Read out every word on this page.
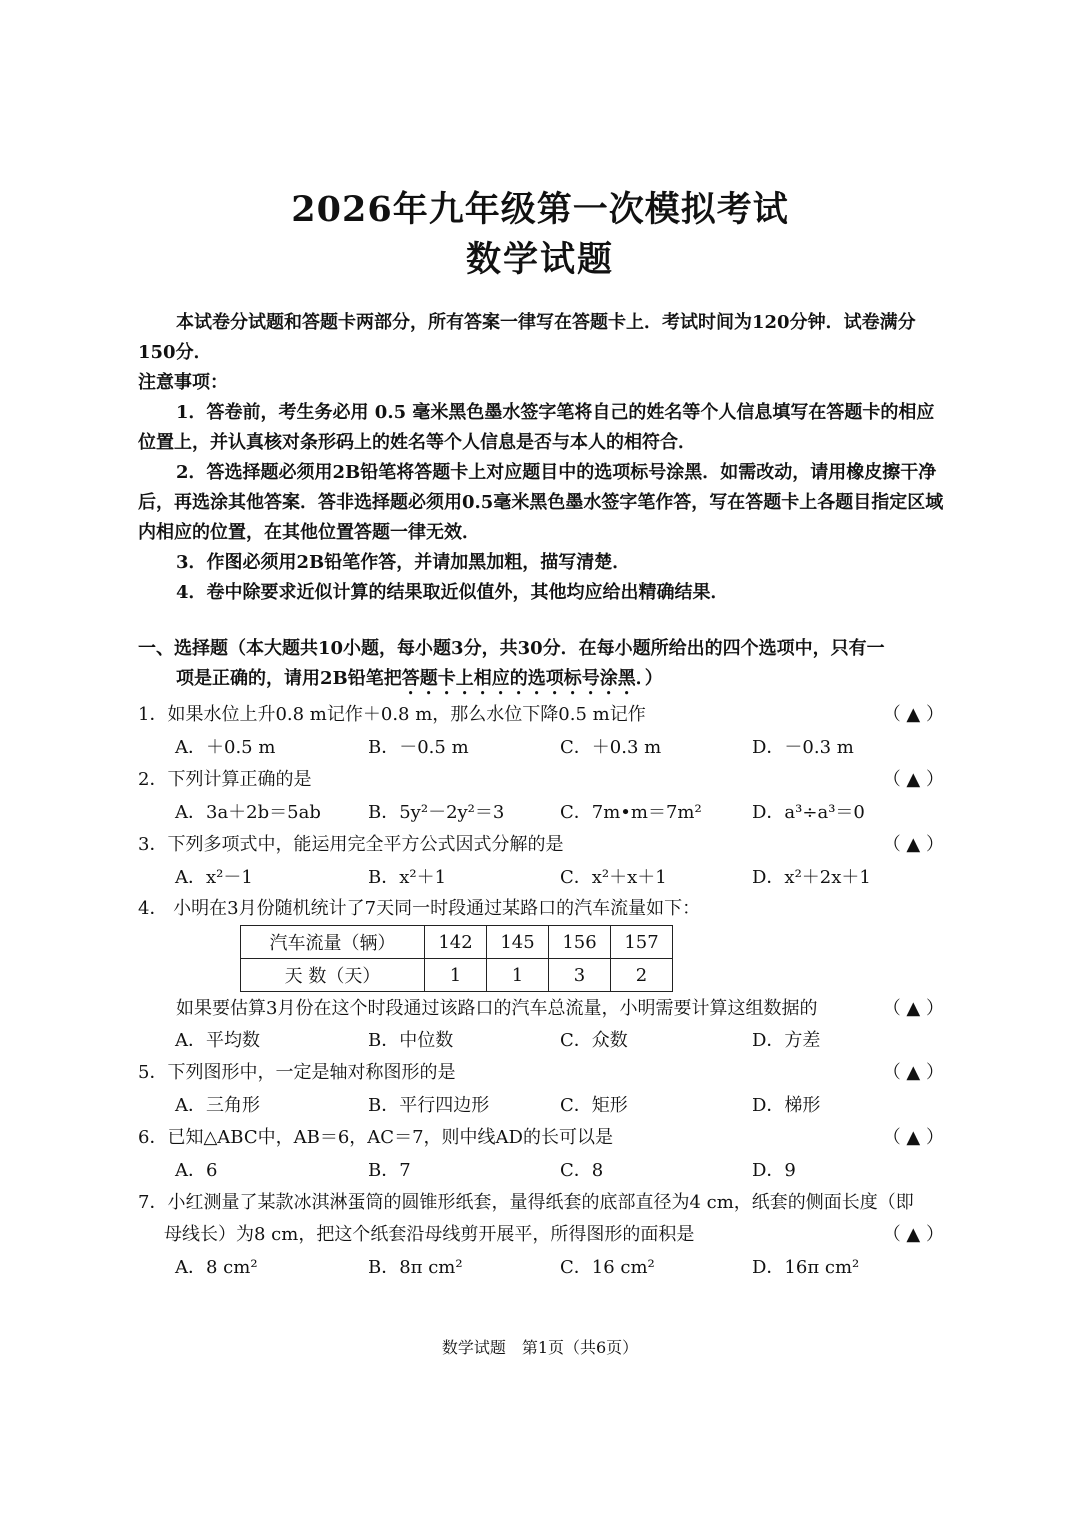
2026年九年级第一次模拟考试
数学试题
本试卷分试题和答题卡两部分，所有答案一律写在答题卡上．考试时间为120分钟．试卷满分150分．
注意事项：
1．答卷前，考生务必用 0.5 毫米黑色墨水签字笔将自己的姓名等个人信息填写在答题卡的相应位置上，并认真核对条形码上的姓名等个人信息是否与本人的相符合．
2．答选择题必须用2B铅笔将答题卡上对应题目中的选项标号涂黑．如需改动，请用橡皮擦干净后，再选涂其他答案．答非选择题必须用0.5毫米黑色墨水签字笔作答，写在答题卡上各题目指定区域内相应的位置，在其他位置答题一律无效．
3．作图必须用2B铅笔作答，并请加黑加粗，描写清楚．
4．卷中除要求近似计算的结果取近似值外，其他均应给出精确结果．
一、选择题（本大题共10小题，每小题3分，共30分．在每小题所给出的四个选项中，只有一
项是正确的，请用2B铅笔把答题卡上相应的选项标号涂黑．）
1．如果水位上升0.8 m记作＋0.8 m，那么水位下降0.5 m记作	（ ▲ ）
A．＋0.5 m	B．－0.5 m	C．＋0.3 m	D．－0.3 m
2．下列计算正确的是	（ ▲ ）
A．3a＋2b＝5ab	B．5y²－2y²＝3	C．7m•m＝7m²	D．a³÷a³＝0
3．下列多项式中，能运用完全平方公式因式分解的是	（ ▲ ）
A．x²－1	B．x²＋1	C．x²＋x＋1	D．x²＋2x＋1
4． 小明在3月份随机统计了7天同一时段通过某路口的汽车流量如下：
汽车流量（辆）	142	145	156	157
天 数（天）	1	1	3	2
如果要估算3月份在这个时段通过该路口的汽车总流量，小明需要计算这组数据的	（ ▲ ）
A．平均数	B．中位数	C．众数	D．方差
5．下列图形中，一定是轴对称图形的是	（ ▲ ）
A．三角形	B．平行四边形	C．矩形	D．梯形
6．已知△ABC中，AB＝6，AC＝7，则中线AD的长可以是	（ ▲ ）
A．6	B．7	C．8	D．9
7．小红测量了某款冰淇淋蛋筒的圆锥形纸套，量得纸套的底部直径为4 cm，纸套的侧面长度（即
母线长）为8 cm，把这个纸套沿母线剪开展平，所得图形的面积是	（ ▲ ）
A．8 cm²	B．8π cm²	C．16 cm²	D．16π cm²
数学试题　第1页（共6页）
